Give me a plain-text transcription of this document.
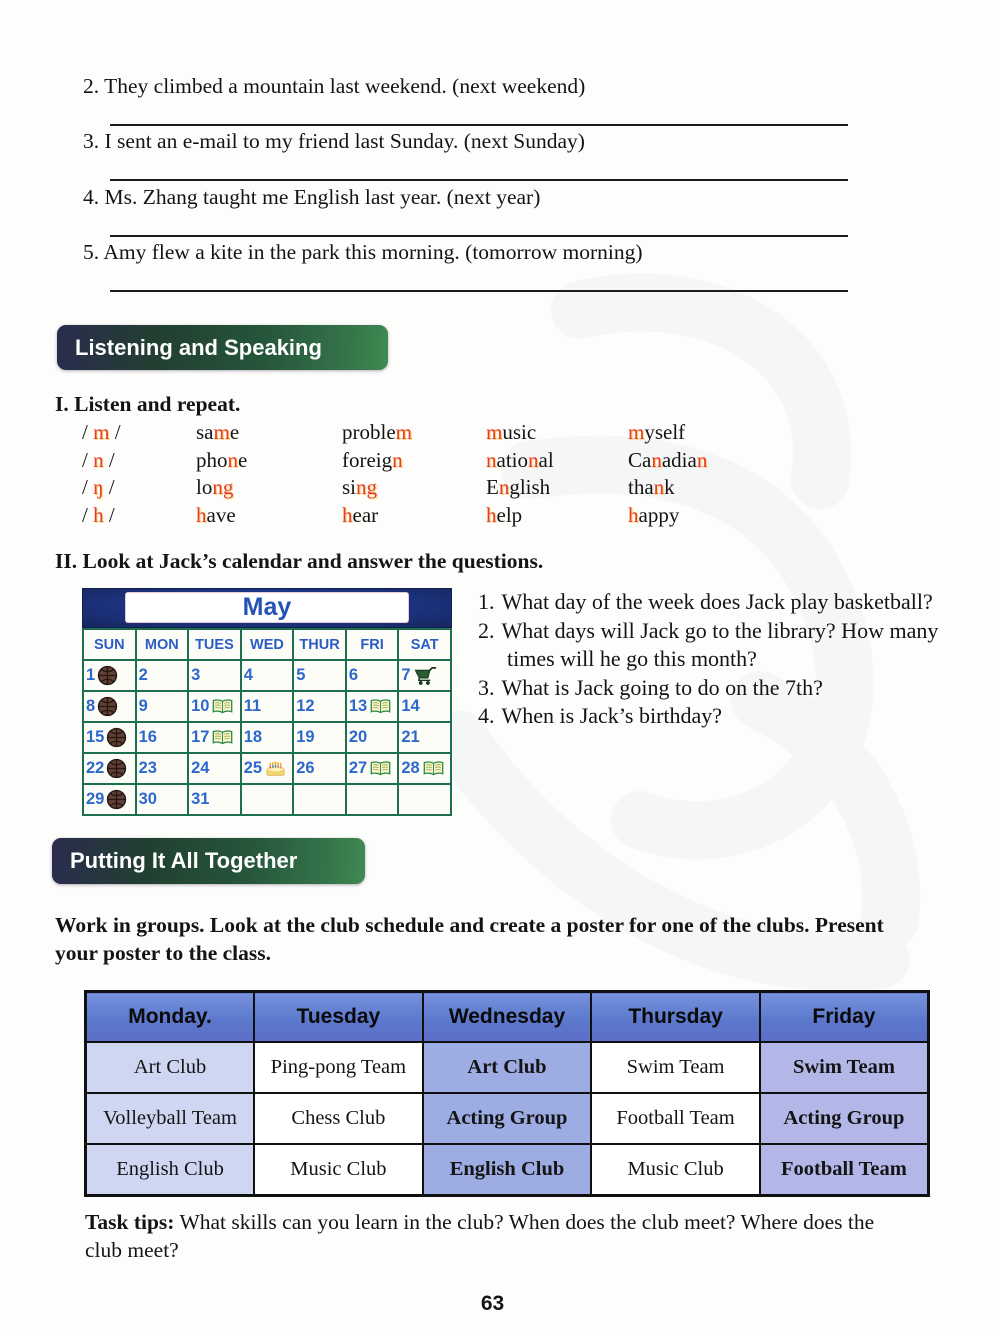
2. They climbed a mountain last weekend. (next weekend)
3. I sent an e-mail to my friend last Sunday. (next Sunday)
4. Ms. Zhang taught me English last year. (next year)
5. Amy flew a kite in the park this morning. (tomorrow morning)
Listening and Speaking
I. Listen and repeat.
/ m /	same	problem	music	myself
/ n /	phone	foreign	national	Canadian
/ ŋ /	long	sing	English	thank
/ h /	have	hear	help	happy
II. Look at Jack’s calendar and answer the questions.
May
SUN	MON	TUES	WED	THUR	FRI	SAT

1	2	3	4	5	6	7

8	9	10	11	12	13	14

15	16	17	18	19	20	21

22	23	24	25	26	27	28

29	30	31				

1. What day of the week does Jack play basketball?

2. What days will Jack go to the library? How many times will he go this month?

3. What is Jack going to do on the 7th?

4. When is Jack’s birthday?

Putting It All Together
Work in groups. Look at the club schedule and create a poster for one of the clubs. Present your poster to the class.
Monday.	Tuesday	Wednesday	Thursday	Friday
Art Club	Ping-pong Team	Art Club	Swim Team	Swim Team
Volleyball Team	Chess Club	Acting Group	Football Team	Acting Group
English Club	Music Club	English Club	Music Club	Football Team
Task tips: What skills can you learn in the club? When does the club meet? Where does the club meet?
63
